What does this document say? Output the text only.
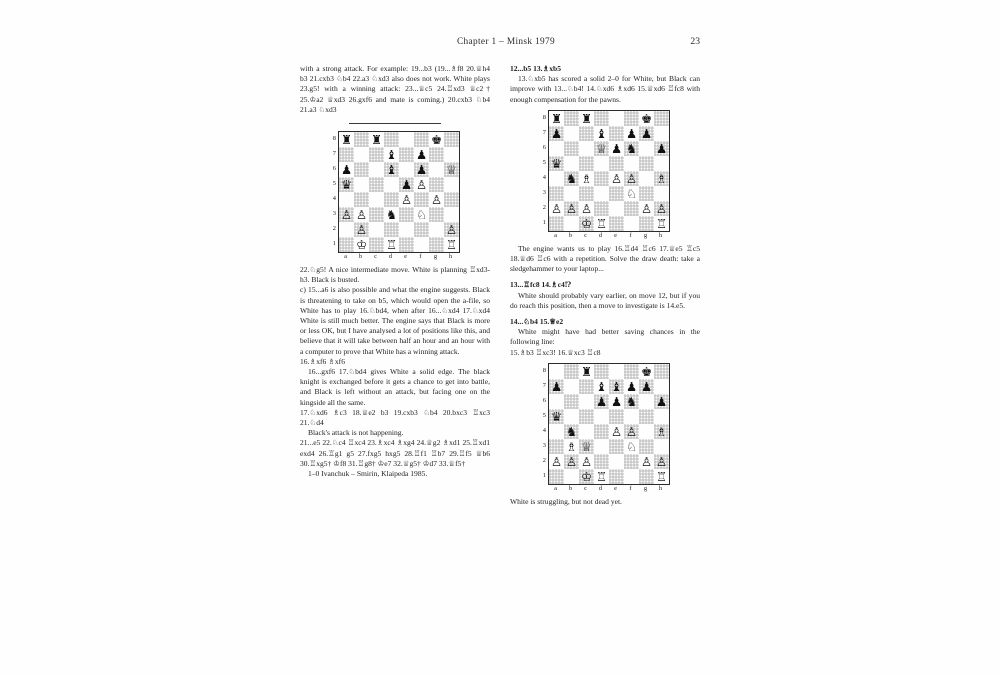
Chapter 1 – Minsk 1979	23

with a strong attack. For example: 19...b3 (19...♗f8 20.♕h4 b3 21.cxb3 ♘b4 22.a3 ♘xd3 also does not work. White plays 23.g5! with a winning attack: 23...♕c5 24.♖xd3 ♕c2† 25.♔a2 ♕xd3 26.gxf6 and mate is coming.) 20.cxb3 ♘b4 21.a3 ♘xd3

8
7
6
5
4
3
2
1
♜ ♜	♚
♝ ♟
♟	♝ ♟ ♕
♛	♟ ♙
♙ ♙
♙ ♙ ♞ ♘
♙	♙
♔ ♖	♖
a	b	c	d	e	f	g	h

22.♘g5! A nice intermediate move. White is planning ♖xd3-h3. Black is busted.

c) 15...a6 is also possible and what the engine suggests. Black is threatening to take on b5, which would open the a-file, so White has to play 16.♘bd4, when after 16...♘xd4 17.♘xd4 White is still much better. The engine says that Black is more or less OK, but I have analysed a lot of positions like this, and believe that it will take between half an hour and an hour with a computer to prove that White has a winning attack.

16.♗xf6 ♗xf6

16...gxf6 17.♘bd4 gives White a solid edge. The black knight is exchanged before it gets a chance to get into battle, and Black is left without an attack, but facing one on the kingside all the same.

17.♘xd6 ♗c3 18.♕e2 b3 19.cxb3 ♘b4 20.bxc3 ♖xc3 21.♘d4

Black's attack is not happening.

21...e5 22.♘c4 ♖xc4 23.♗xc4 ♗xg4 24.♕g2 ♗xd1 25.♖xd1 exd4 26.♖g1 g5 27.fxg5 hxg5 28.♖f1 ♖b7 29.♖f5 ♕b6 30.♖xg5† ♔f8 31.♖g8† ♔e7 32.♕g5† ♔d7 33.♕f5†

1–0 Ivanchuk – Smirin, Klaipeda 1985.

12...b5 13.♗xb5

13.♘xb5 has scored a solid 2–0 for White, but Black can improve with 13...♘b4! 14.♘xd6 ♗xd6 15.♕xd6 ♖fc8 with enough compensation for the pawns.

8
7
6
5
4
3
2
1
♜ ♜	♚
♟	♝ ♟ ♟
♕ ♟ ♞ ♟
♛
♞ ♗ ♙ ♙ ♗
♘
♙ ♙ ♙	♙ ♙
♔ ♖	♖
a	b	c	d	e	f	g	h

The engine wants us to play 16.♖d4 ♖c6 17.♕e5 ♖c5 18.♕d6 ♖c6 with a repetition. Solve the draw death: take a sledgehammer to your laptop...

13...♖fc8 14.♗c4⁉

White should probably vary earlier, on move 12, but if you do reach this position, then a move to investigate is 14.e5.

14...♘b4 15.♕e2

White might have had better saving chances in the following line:

15.♗b3 ♖xc3! 16.♕xc3 ♖c8

8
7
6
5
4
3
2
1
♜	♚
♟	♝ ♝ ♟ ♟
♟ ♟ ♞ ♟
♛
♞	♙ ♙ ♗
♗ ♕	♘
♙ ♙ ♙	♙ ♙
♔ ♖	♖
a	b	c	d	e	f	g	h

White is struggling, but not dead yet.
